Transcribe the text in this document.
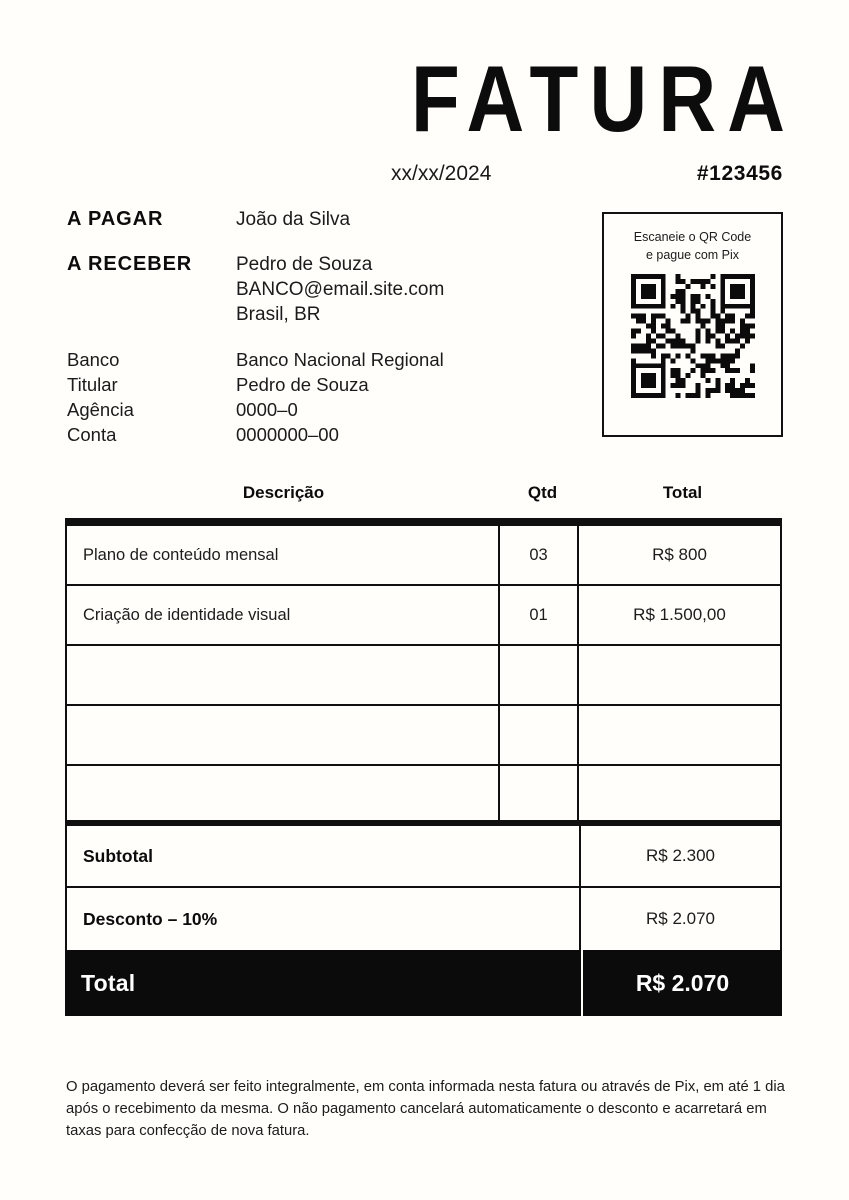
FATURA
xx/xx/2024	#123456
A PAGAR	João da Silva
A RECEBER	Pedro de Souza
BANCO@email.site.com
Brasil, BR
Banco	Banco Nacional Regional
Titular	Pedro de Souza
Agência	0000–0
Conta	0000000–00
Escaneie o QR Code
e pague com Pix
Descrição	Qtd	Total
Plano de conteúdo mensal	03	R$ 800
Criação de identidade visual	01	R$ 1.500,00
Subtotal	R$ 2.300
Desconto – 10%	R$ 2.070
Total	R$ 2.070
O pagamento deverá ser feito integralmente, em conta informada nesta fatura ou através de Pix, em até 1 dia após o recebimento da mesma. O não pagamento cancelará automaticamente o desconto e acarretará em taxas para confecção de nova fatura.
